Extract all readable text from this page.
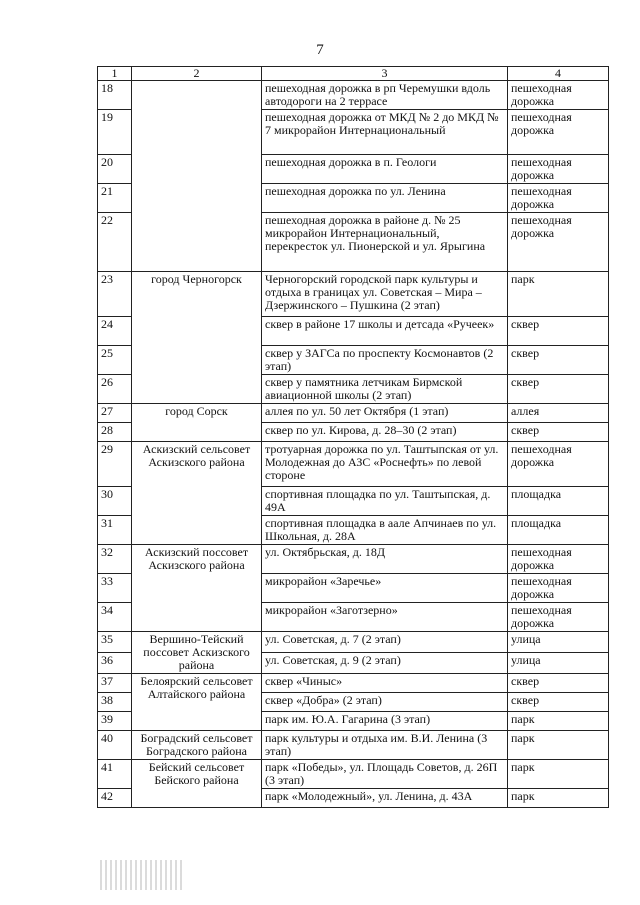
7
1	2	3	4
18		пешеходная дорожка в рп Черемушки вдоль автодороги на 2 террасе	пешеходная дорожка
19		пешеходная дорожка от МКД № 2 до МКД № 7 микрорайон Интернациональный	пешеходная дорожка
20		пешеходная дорожка в п. Геологи	пешеходная дорожка
21		пешеходная дорожка по ул. Ленина	пешеходная дорожка
22		пешеходная дорожка в районе д. № 25 микрорайон Интернациональный, перекресток ул. Пионерской и ул. Ярыгина	пешеходная дорожка
23	город Черногорск	Черногорский городской парк культуры и отдыха в границах ул. Советская – Мира – Дзержинского – Пушкина (2 этап)	парк
24		сквер в районе 17 школы и детсада «Ручеек»	сквер
25		сквер у ЗАГСа по проспекту Космонавтов (2 этап)	сквер
26		сквер у памятника летчикам Бирмской авиационной школы (2 этап)	сквер
27	город Сорск	аллея по ул. 50 лет Октября (1 этап)	аллея
28		сквер по ул. Кирова, д. 28–30 (2 этап)	сквер
29	Аскизский сельсовет Аскизского района	тротуарная дорожка по ул. Таштыпская от ул. Молодежная до АЗС «Роснефть» по левой стороне	пешеходная дорожка
30		спортивная площадка по ул. Таштыпская, д. 49А	площадка
31		спортивная площадка в аале Апчинаев по ул. Школьная, д. 28А	площадка
32	Аскизский поссовет Аскизского района	ул. Октябрьская, д. 18Д	пешеходная дорожка
33		микрорайон «Заречье»	пешеходная дорожка
34		микрорайон «Заготзерно»	пешеходная дорожка
35	Вершино-Тейский поссовет Аскизского района	ул. Советская, д. 7 (2 этап)	улица
36		ул. Советская, д. 9 (2 этап)	улица
37	Белоярский сельсовет Алтайского района	сквер «Чиныс»	сквер
38		сквер «Добра» (2 этап)	сквер
39		парк им. Ю.А. Гагарина (3 этап)	парк
40	Боградский сельсовет Боградского района	парк культуры и отдыха им. В.И. Ленина (3 этап)	парк
41	Бейский сельсовет Бейского района	парк «Победы», ул. Площадь Советов, д. 26П (3 этап)	парк
42		парк «Молодежный», ул. Ленина, д. 43А	парк
